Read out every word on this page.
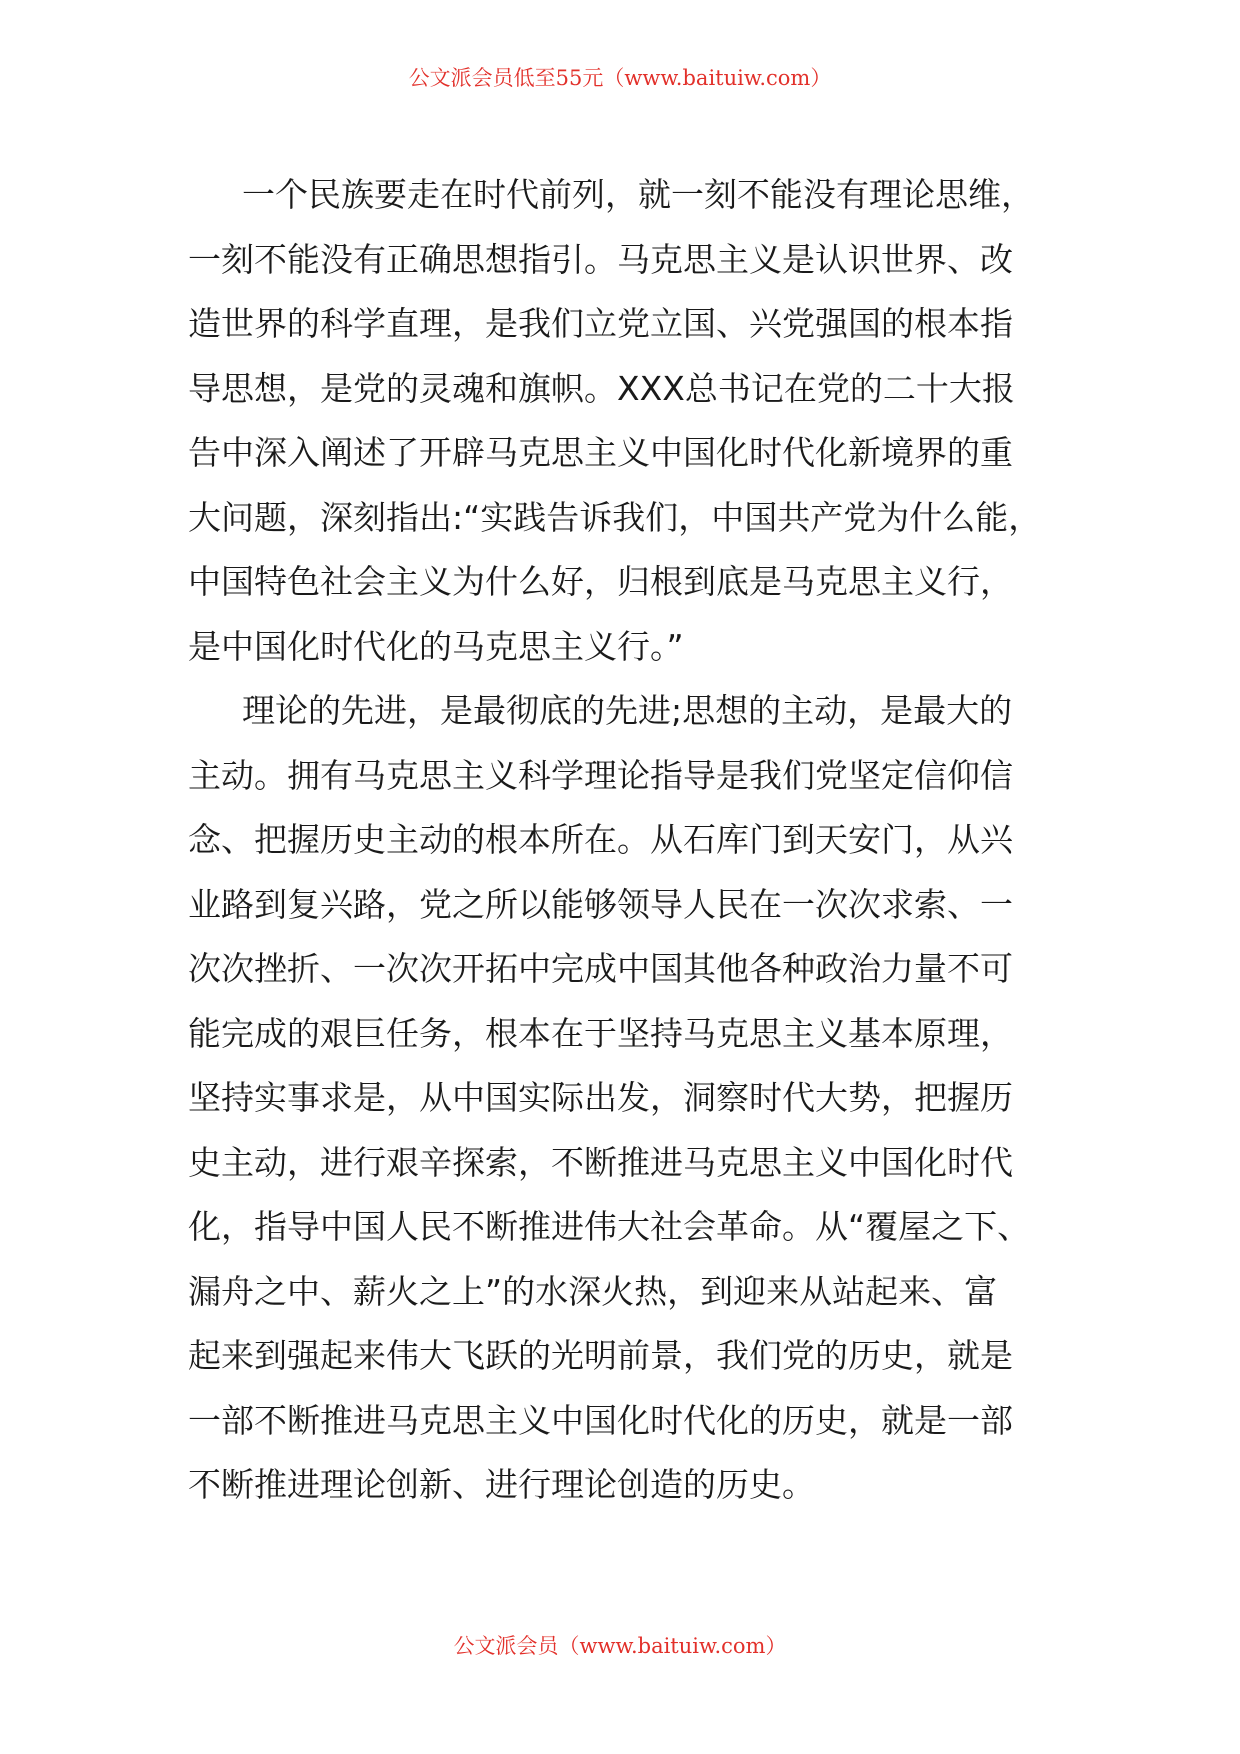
公文派会员低至55元（www.baituiw.com）
一个民族要走在时代前列，就一刻不能没有理论思维，
一刻不能没有正确思想指引。马克思主义是认识世界、改
造世界的科学直理，是我们立党立国、兴党强国的根本指
导思想，是党的灵魂和旗帜。XXX总书记在党的二十大报
告中深入阐述了开辟马克思主义中国化时代化新境界的重
大问题，深刻指出:“实践告诉我们，中国共产党为什么能，
中国特色社会主义为什么好，归根到底是马克思主义行，
是中国化时代化的马克思主义行。”
理论的先进，是最彻底的先进;思想的主动，是最大的
主动。拥有马克思主义科学理论指导是我们党坚定信仰信
念、把握历史主动的根本所在。从石库门到天安门，从兴
业路到复兴路，党之所以能够领导人民在一次次求索、一
次次挫折、一次次开拓中完成中国其他各种政治力量不可
能完成的艰巨任务，根本在于坚持马克思主义基本原理，
坚持实事求是，从中国实际出发，洞察时代大势，把握历
史主动，进行艰辛探索，不断推进马克思主义中国化时代
化，指导中国人民不断推进伟大社会革命。从“覆屋之下、
漏舟之中、薪火之上”的水深火热，到迎来从站起来、富
起来到强起来伟大飞跃的光明前景，我们党的历史，就是
一部不断推进马克思主义中国化时代化的历史，就是一部
不断推进理论创新、进行理论创造的历史。
公文派会员（www.baituiw.com）
